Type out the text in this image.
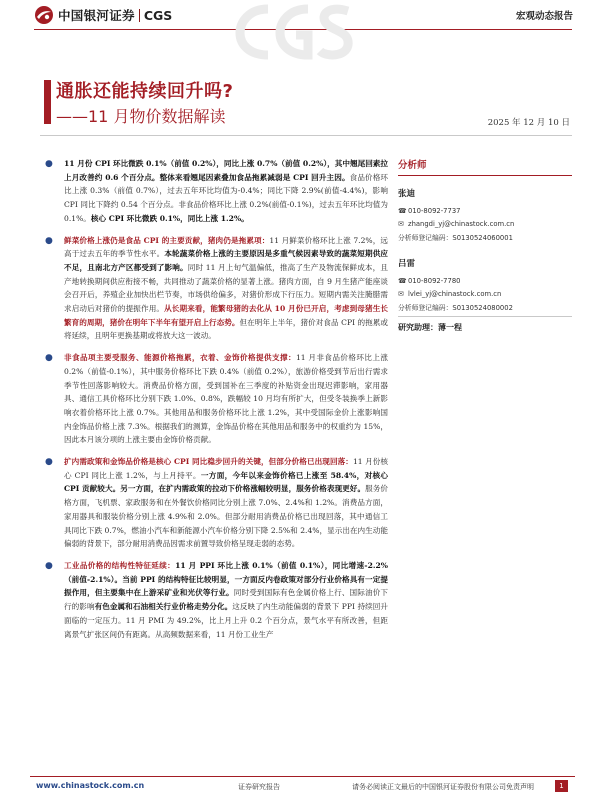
中国银河证券 CGS	宏观动态报告
通胀还能持续回升吗?
——11 月物价数据解读	2025 年 12 月 10 日
● 11 月份 CPI 环比微跌 0.1%（前值 0.2%），同比上涨 0.7%（前值 0.2%），其中翘尾回素拉上月改善约 0.6 个百分点。整体来看翘尾因素叠加食品拖累减弱是 CPI 回升主因。食品价格环比上涨 0.3%（前值 0.7%），过去五年环比均值为-0.4%；同比下降 2.9%(前值-4.4%)，影响 CPI 同比下降约 0.54 个百分点。非食品价格环比上涨 0.2%(前值-0.1%)，过去五年环比均值为 0.1%。核心 CPI 环比微跌 0.1%，同比上涨 1.2%。
● 鲜菜价格上涨仍是食品 CPI 的主要贡献，猪肉仍是拖累项：11 月鲜菜价格环比上涨 7.2%，远高于过去五年的季节性水平。本轮蔬菜价格上涨的主要原因是多重气候因素导致的蔬菜短期供应不足，且南北方产区都受到了影响。同时 11 月上旬气温偏低，推高了生产及物流保鲜成本，且产地转换期间供应衔接不畅，共同推动了蔬菜价格的显著上涨。猪肉方面，自 9 月生猪产能座谈会召开后，养殖企业加快出栏节奏，市场供给偏多，对猪价形成下行压力。短期内需关注腌腊需求启动后对猪价的提振作用。从长期来看，能繁母猪的去化从 10 月份已开启，考虑到母猪生长繁育的周期，猪价在明年下半年有望开启上行态势。但在明年上半年，猪价对食品 CPI 的拖累或将延续，且明年更换基期或将放大这一波动。
● 非食品项主要受服务、能源价格拖累，衣着、金饰价格提供支撑：11 月非食品价格环比上涨 0.2%（前值-0.1%），其中服务价格环比下跌 0.4%（前值 0.2%），旅游价格受到节后出行需求季节性回落影响较大。消费品价格方面，受到国补在三季度的补贴资金出现迟滞影响，家用器具、通信工具价格环比分别下跌 1.0%、0.8%，跌幅较 10 月均有所扩大，但受冬装换季上新影响衣着价格环比上涨 0.7%。其他用品和服务价格环比上涨 1.2%，其中受国际金价上涨影响国内金饰品价格上涨 7.3%。根据我们的测算，金饰品价格在其他用品和服务中的权重约为 15%，因此本月该分项的上涨主要由金饰价格贡献。
● 扩内需政策和金饰品价格是核心 CPI 同比稳步回升的关键，但部分价格已出现回落：11 月份核心 CPI 同比上涨 1.2%，与上月持平。一方面，今年以来金饰价格已上涨至 58.4%，对核心 CPI 贡献较大。另一方面，在扩内需政策的拉动下价格涨幅较明显，服务价格表现更好。服务价格方面，飞机票、家政服务和在外餐饮价格同比分别上涨 7.0%、2.4%和 1.2%。消费品方面，家用器具和服装价格分别上涨 4.9%和 2.0%。但部分耐用消费品价格已出现回落，其中通信工具同比下跌 0.7%，燃油小汽车和新能源小汽车价格分别下降 2.5%和 2.4%，显示出在内生动能偏弱的背景下，部分耐用消费品因需求前置导致价格呈现走弱的态势。
● 工业品价格的结构性特征延续：11 月 PPI 环比上涨 0.1%（前值 0.1%），同比增速-2.2%（前值-2.1%）。当前 PPI 的结构特征比较明显，一方面反内卷政策对部分行业价格具有一定提振作用，但主要集中在上游采矿业和光伏等行业。同时受到国际有色金属价格上行、国际油价下行的影响有色金属和石油相关行业价格走势分化。这反映了内生动能偏弱的背景下 PPI 持续回升面临的一定压力。11 月 PMI 为 49.2%，比上月上升 0.2 个百分点，景气水平有所改善，但距离景气扩张区间仍有距离。从高频数据来看，11 月份工业生产
分析师
张迪
☎ 010-8092-7737
✉ zhangdi_yj@chinastock.com.cn
分析师登记编码：S0130524060001
吕雷
☎ 010-8092-7780
✉ lvlei_yj@chinastock.com.cn
分析师登记编码：S0130524080002
研究助理：薄一程
www.chinastock.com.cn	证券研究报告	请务必阅读正文最后的中国银河证券股份有限公司免责声明	1
